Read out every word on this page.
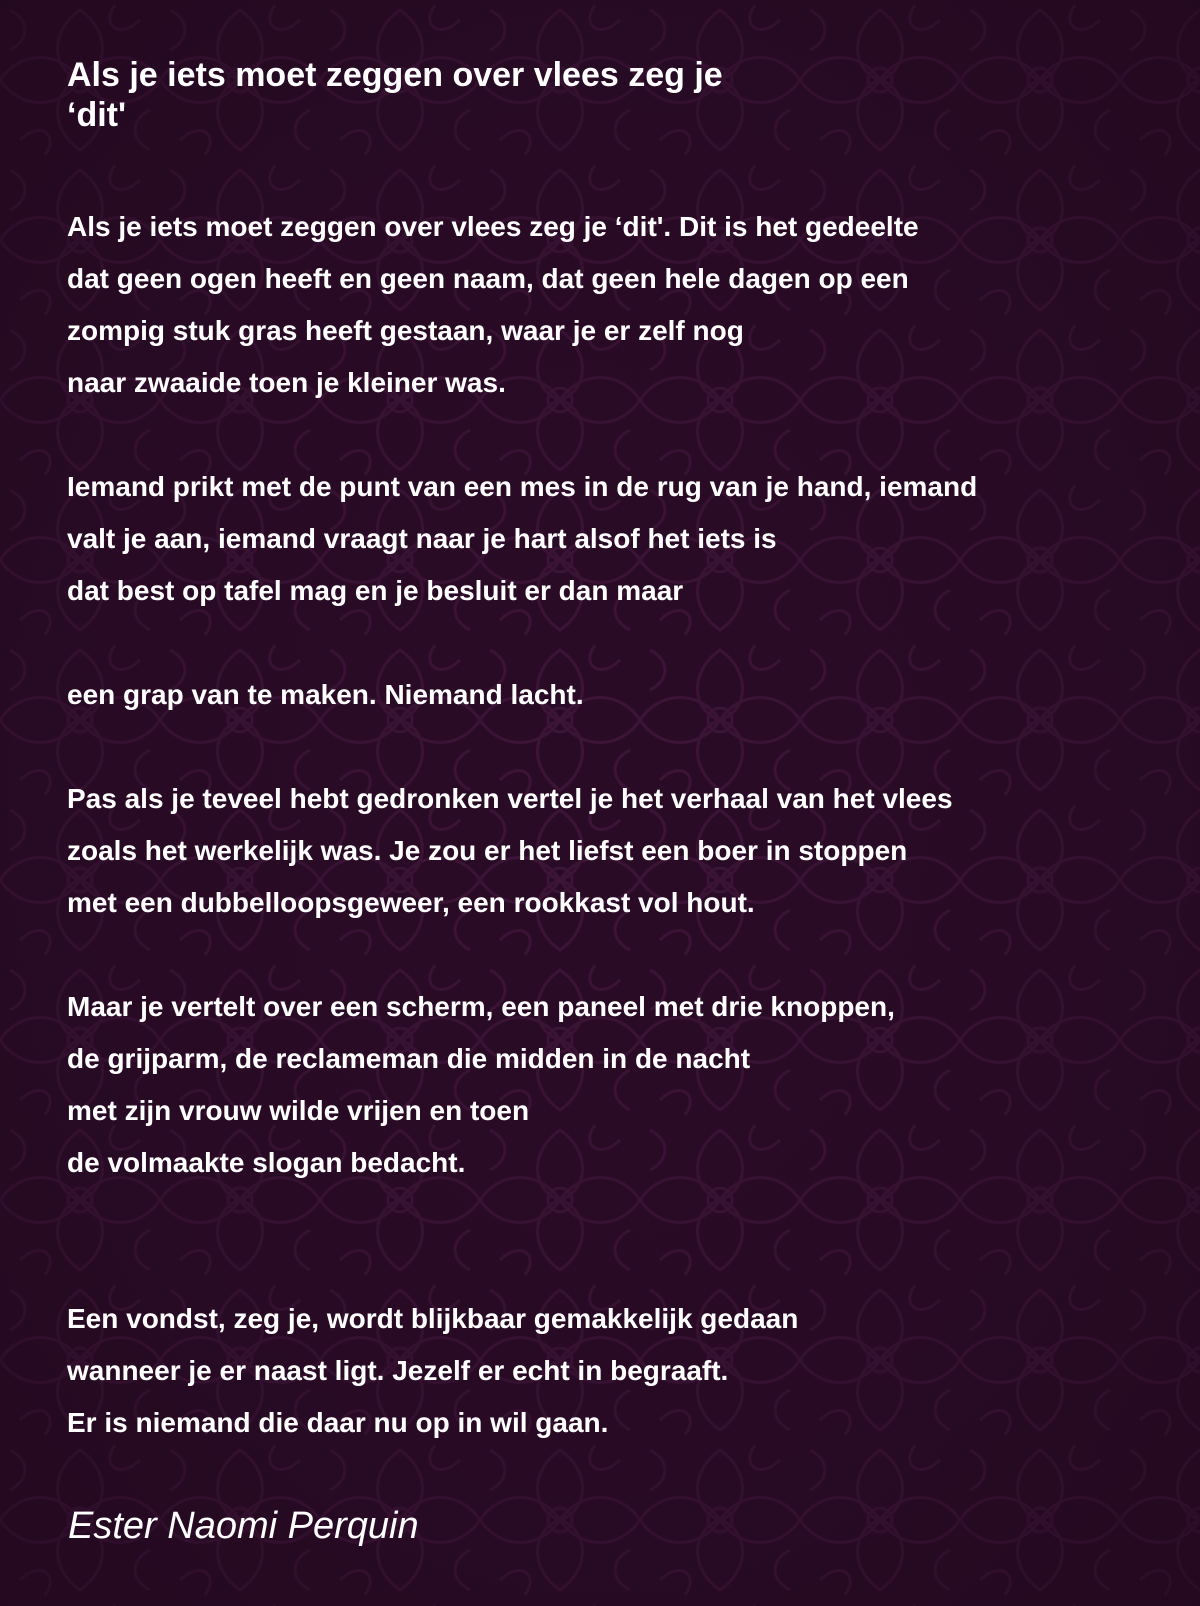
Als je iets moet zeggen over vlees zeg je
‘dit'
Als je iets moet zeggen over vlees zeg je ‘dit'. Dit is het gedeelte
dat geen ogen heeft en geen naam, dat geen hele dagen op een
zompig stuk gras heeft gestaan, waar je er zelf nog
naar zwaaide toen je kleiner was.
Iemand prikt met de punt van een mes in de rug van je hand, iemand
valt je aan, iemand vraagt naar je hart alsof het iets is
dat best op tafel mag en je besluit er dan maar
een grap van te maken. Niemand lacht.
Pas als je teveel hebt gedronken vertel je het verhaal van het vlees
zoals het werkelijk was. Je zou er het liefst een boer in stoppen
met een dubbelloopsgeweer, een rookkast vol hout.
Maar je vertelt over een scherm, een paneel met drie knoppen,
de grijparm, de reclameman die midden in de nacht
met zijn vrouw wilde vrijen en toen
de volmaakte slogan bedacht.
Een vondst, zeg je, wordt blijkbaar gemakkelijk gedaan
wanneer je er naast ligt. Jezelf er echt in begraaft.
Er is niemand die daar nu op in wil gaan.
Ester Naomi Perquin
